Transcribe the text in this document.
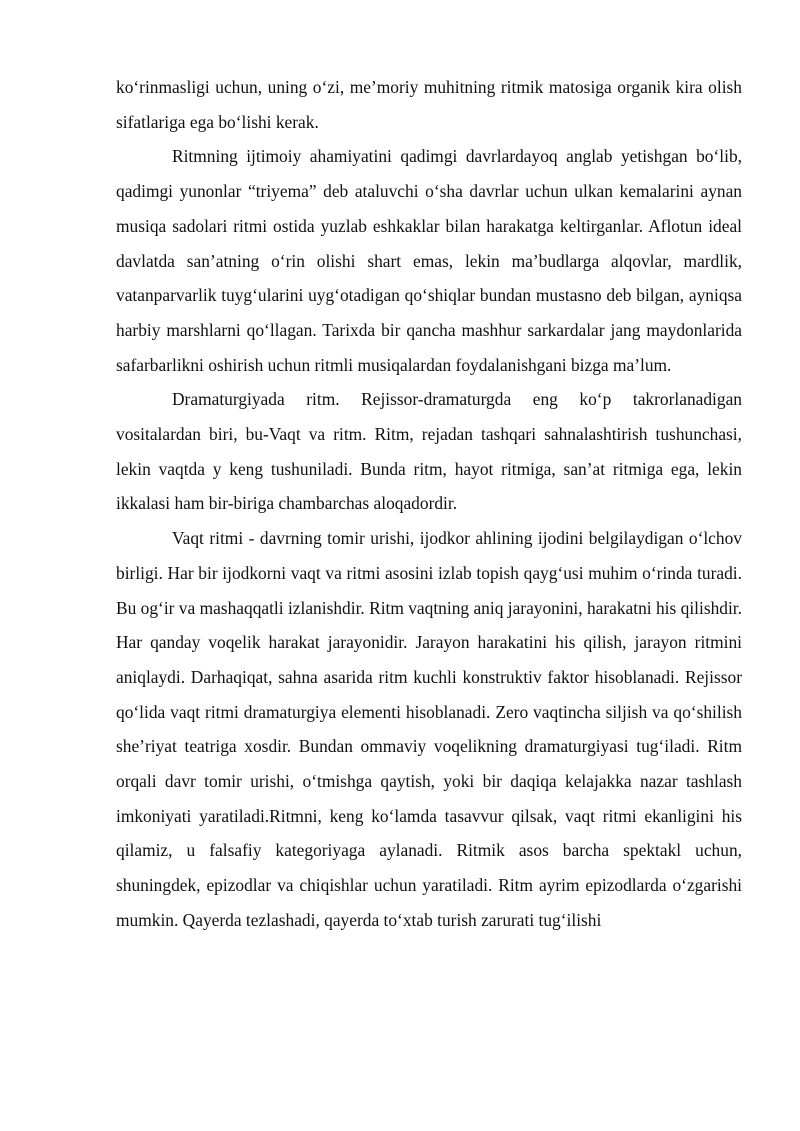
ko‘rinmasligi uchun, uning o‘zi, me’moriy muhitning ritmik matosiga organik kira olish sifatlariga ega bo‘lishi kerak.

Ritmning ijtimoiy ahamiyatini qadimgi davrlardayoq anglab yetishgan bo‘lib, qadimgi yunonlar “triyema” deb ataluvchi o‘sha davrlar uchun ulkan kemalarini aynan musiqa sadolari ritmi ostida yuzlab eshkaklar bilan harakatga keltirganlar. Aflotun ideal davlatda san’atning o‘rin olishi shart emas, lekin ma’budlarga alqovlar, mardlik, vatanparvarlik tuyg‘ularini uyg‘otadigan qo‘shiqlar bundan mustasno deb bilgan, ayniqsa harbiy marshlarni qo‘llagan. Tarixda bir qancha mashhur sarkardalar jang maydonlarida safarbarlikni oshirish uchun ritmli musiqalardan foydalanishgani bizga ma’lum.

Dramaturgiyada ritm. Rejissor-dramaturgda eng ko‘p takrorlanadigan vositalardan biri, bu-Vaqt va ritm. Ritm, rejadan tashqari sahnalashtirish tushunchasi, lekin vaqtda y keng tushuniladi. Bunda ritm, hayot ritmiga, san’at ritmiga ega, lekin ikkalasi ham bir-biriga chambarchas aloqadordir.

Vaqt ritmi - davrning tomir urishi, ijodkor ahlining ijodini belgilaydigan o‘lchov birligi. Har bir ijodkorni vaqt va ritmi asosini izlab topish qayg‘usi muhim o‘rinda turadi. Bu og‘ir va mashaqqatli izlanishdir. Ritm vaqtning aniq jarayonini, harakatni his qilishdir. Har qanday voqelik harakat jarayonidir. Jarayon harakatini his qilish, jarayon ritmini aniqlaydi. Darhaqiqat, sahna asarida ritm kuchli konstruktiv faktor hisoblanadi. Rejissor qo‘lida vaqt ritmi dramaturgiya elementi hisoblanadi. Zero vaqtincha siljish va qo‘shilish she’riyat teatriga xosdir. Bundan ommaviy voqelikning dramaturgiyasi tug‘iladi. Ritm orqali davr tomir urishi, o‘tmishga qaytish, yoki bir daqiqa kelajakka nazar tashlash imkoniyati yaratiladi.Ritmni, keng ko‘lamda tasavvur qilsak, vaqt ritmi ekanligini his qilamiz, u falsafiy kategoriyaga aylanadi. Ritmik asos barcha spektakl uchun, shuningdek, epizodlar va chiqishlar uchun yaratiladi. Ritm ayrim epizodlarda o‘zgarishi mumkin. Qayerda tezlashadi, qayerda to‘xtab turish zarurati tug‘ilishi
